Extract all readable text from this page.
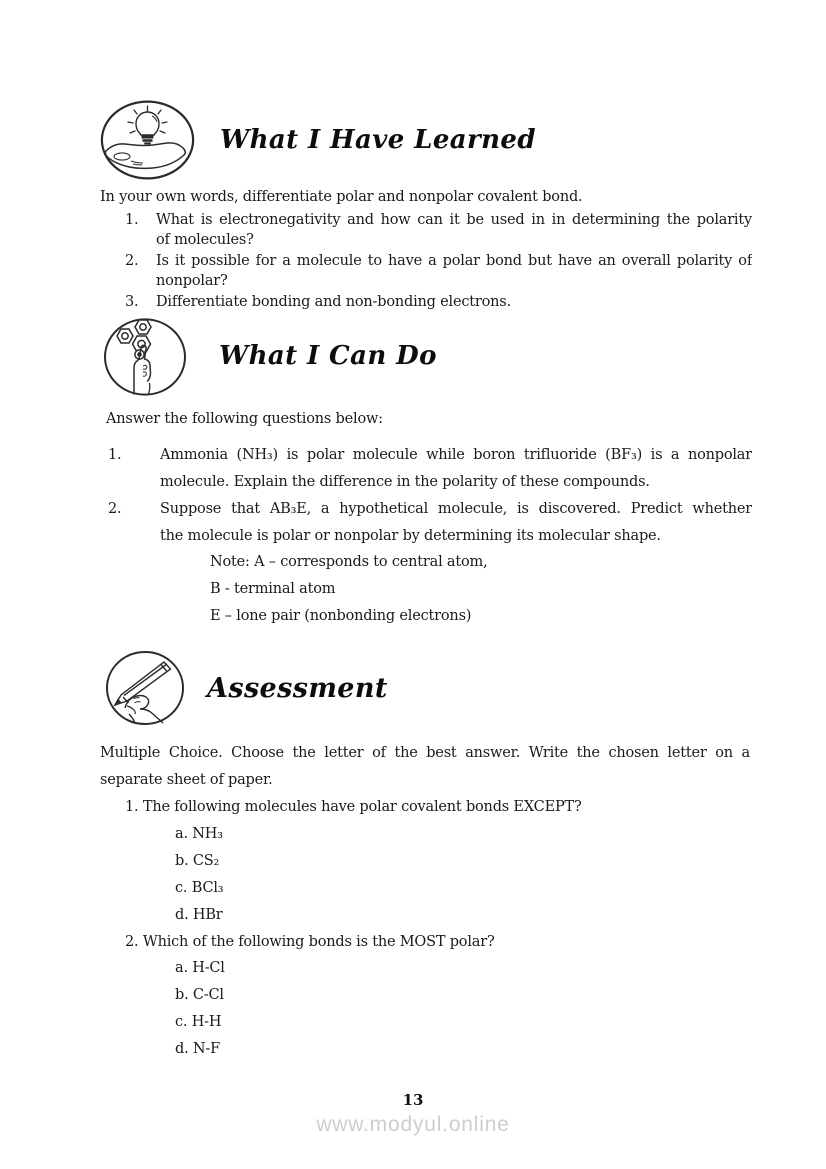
What I Have Learned

In your own words, differentiate polar and nonpolar covalent bond.

1.	What is electronegativity and how can it be used in in determining the polarity
of molecules?
2.	Is it possible for a molecule to have a polar bond but have an overall polarity of
nonpolar?
3.	Differentiate bonding and non-bonding electrons.
What I Can Do

Answer the following questions below:

1.	Ammonia (NH₃) is polar molecule while boron trifluoride (BF₃) is a nonpolar
molecule. Explain the difference in the polarity of these compounds.
2.	Suppose that AB₃E, a hypothetical molecule, is discovered. Predict whether
the molecule is polar or nonpolar by determining its molecular shape.
Note: A – corresponds to central atom,
B - terminal atom
E – lone pair (nonbonding electrons)
Assessment

Multiple Choice. Choose the letter of the best answer. Write the chosen letter on a
separate sheet of paper.

1. The following molecules have polar covalent bonds EXCEPT?
a. NH₃
b. CS₂
c. BCl₃
d. HBr
2. Which of the following bonds is the MOST polar?
a. H-Cl
b. C-Cl
c. H-H
d. N-F
13
www.modyul.online
